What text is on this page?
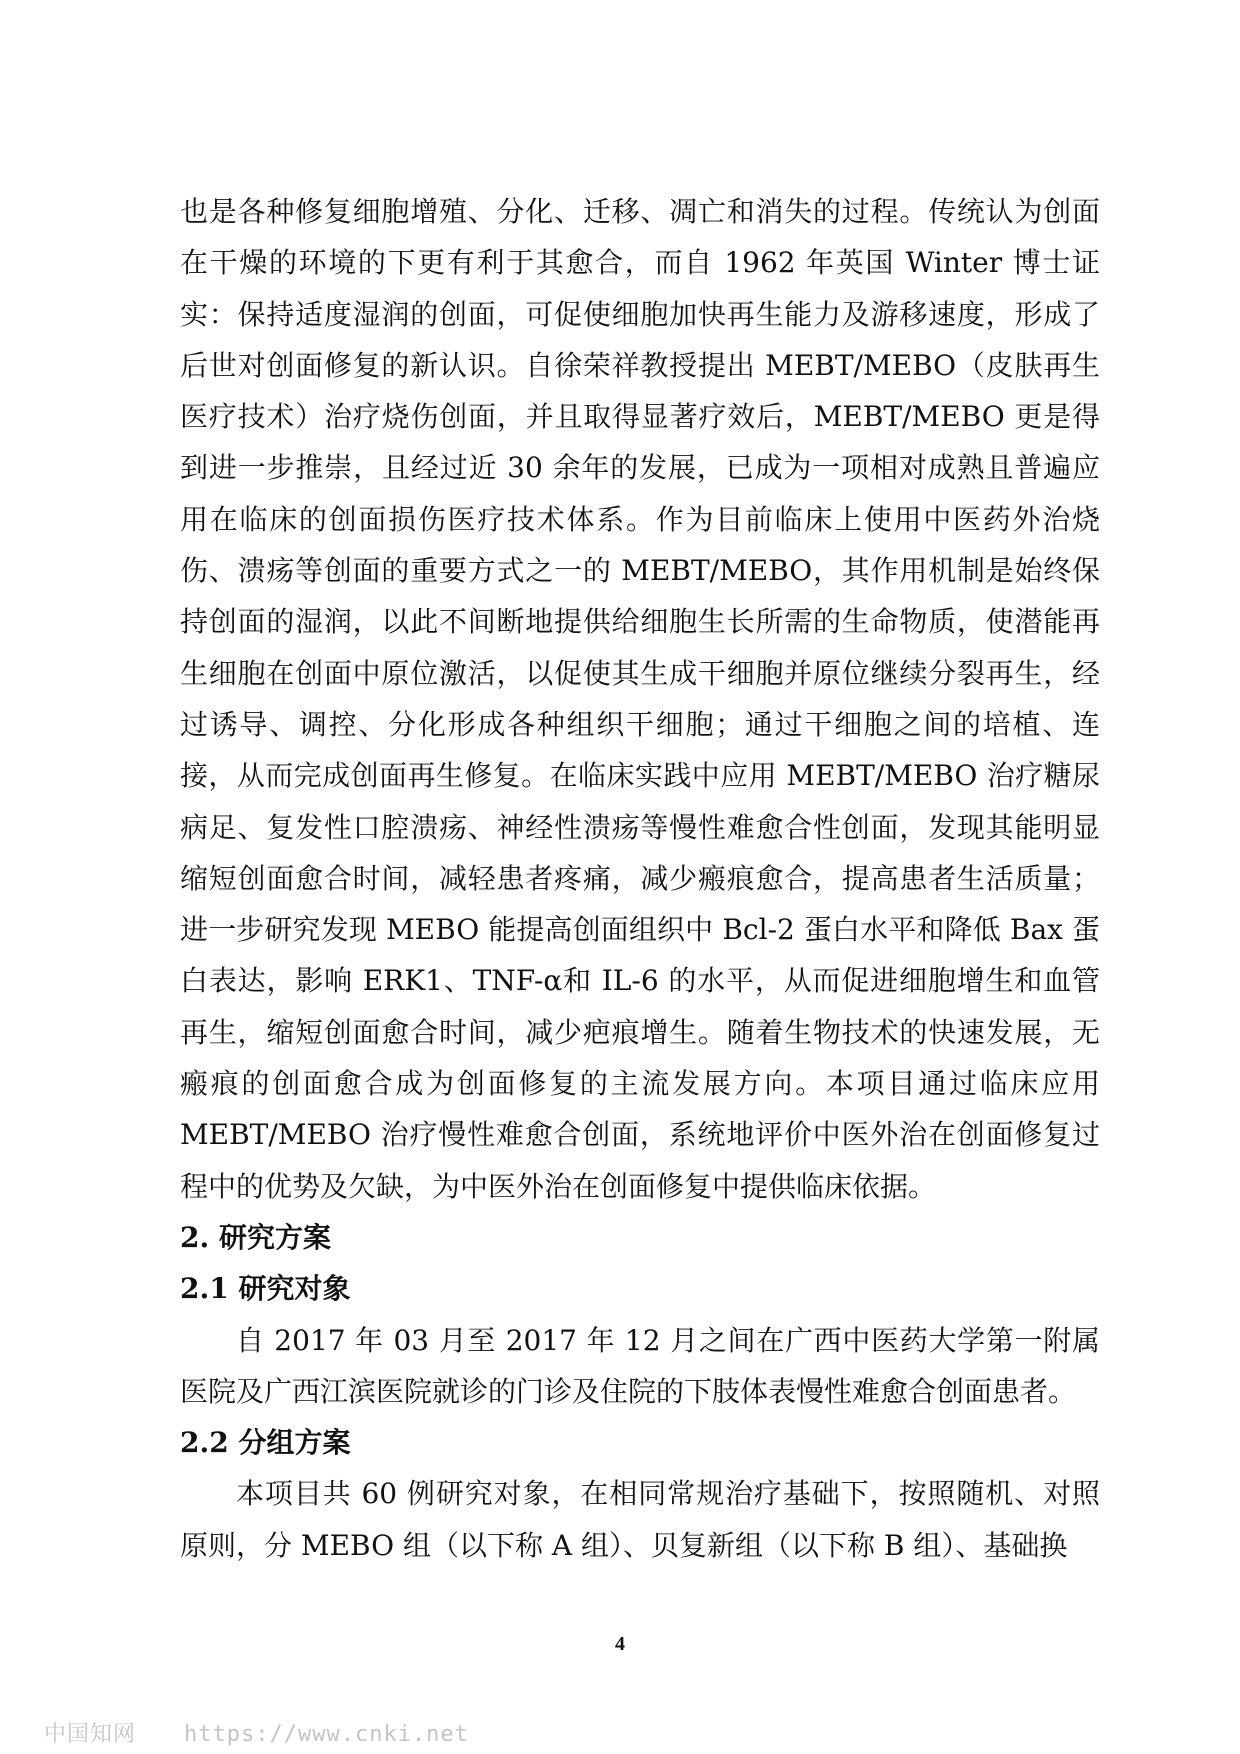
也是各种修复细胞增殖、分化、迁移、凋亡和消失的过程。传统认为创面在干燥的环境的下更有利于其愈合，而自 1962 年英国 Winter 博士证实：保持适度湿润的创面，可促使细胞加快再生能力及游移速度，形成了后世对创面修复的新认识。自徐荣祥教授提出 MEBT/MEBO（皮肤再生医疗技术）治疗烧伤创面，并且取得显著疗效后，MEBT/MEBO 更是得到进一步推崇，且经过近 30 余年的发展，已成为一项相对成熟且普遍应用在临床的创面损伤医疗技术体系。作为目前临床上使用中医药外治烧伤、溃疡等创面的重要方式之一的 MEBT/MEBO，其作用机制是始终保持创面的湿润，以此不间断地提供给细胞生长所需的生命物质，使潜能再生细胞在创面中原位激活，以促使其生成干细胞并原位继续分裂再生，经过诱导、调控、分化形成各种组织干细胞；通过干细胞之间的培植、连接，从而完成创面再生修复。在临床实践中应用 MEBT/MEBO 治疗糖尿病足、复发性口腔溃疡、神经性溃疡等慢性难愈合性创面，发现其能明显缩短创面愈合时间，减轻患者疼痛，减少瘢痕愈合，提高患者生活质量；进一步研究发现 MEBO 能提高创面组织中 Bcl-2 蛋白水平和降低 Bax 蛋白表达，影响 ERK1、TNF-α和 IL-6 的水平，从而促进细胞增生和血管再生，缩短创面愈合时间，减少疤痕增生。随着生物技术的快速发展，无瘢痕的创面愈合成为创面修复的主流发展方向。本项目通过临床应用 MEBT/MEBO 治疗慢性难愈合创面，系统地评价中医外治在创面修复过程中的优势及欠缺，为中医外治在创面修复中提供临床依据。

2. 研究方案

2.1 研究对象

自 2017 年 03 月至 2017 年 12 月之间在广西中医药大学第一附属医院及广西江滨医院就诊的门诊及住院的下肢体表慢性难愈合创面患者。

2.2 分组方案

本项目共 60 例研究对象，在相同常规治疗基础下，按照随机、对照原则，分 MEBO 组（以下称 A 组）、贝复新组（以下称 B 组）、基础换

4
中国知网 https://www.cnki.net
